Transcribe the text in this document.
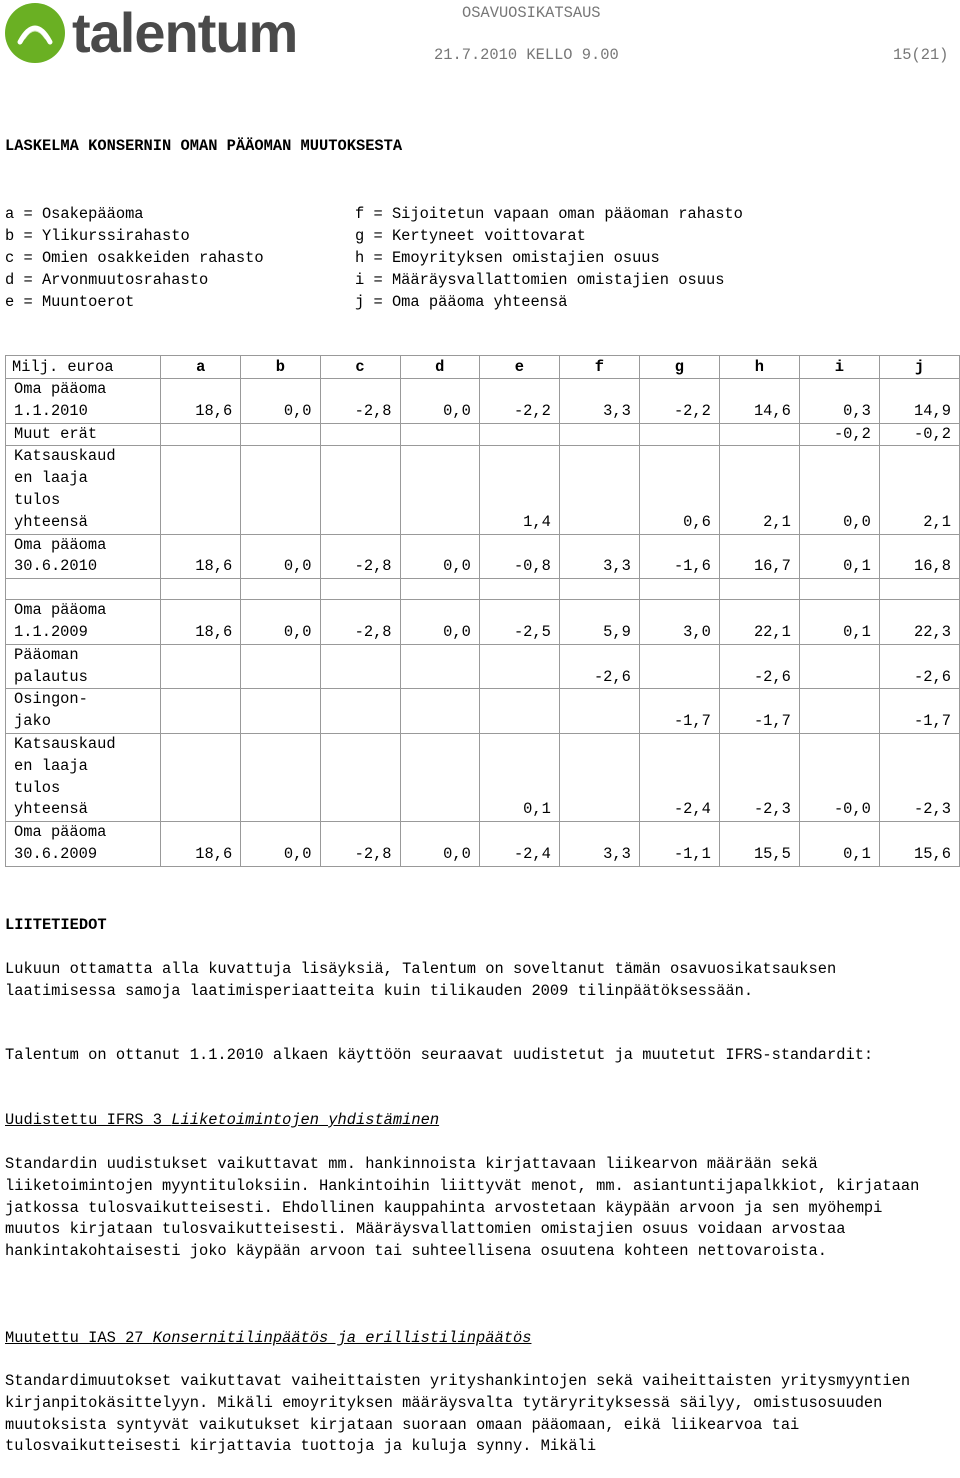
talentum	OSAVUOSIKATSAUS
21.7.2010 KELLO 9.00	15(21)
LASKELMA KONSERNIN OMAN PÄÄOMAN MUUTOKSESTA
a = Osakepääoma
b = Ylikurssirahasto
c = Omien osakkeiden rahasto
d = Arvonmuutosrahasto
e = Muuntoerot
f = Sijoitetun vapaan oman pääoman rahasto
g = Kertyneet voittovarat
h = Emoyrityksen omistajien osuus
i = Määräysvallattomien omistajien osuus
j = Oma pääoma yhteensä
Milj. euroa	a	b	c	d	e	f	g	h	i	j
Oma pääoma
1.1.2010	18,6	0,0	-2,8	0,0	-2,2	3,3	-2,2	14,6	0,3	14,9
Muut erät									-0,2	-0,2
Katsauskaud
en laaja
tulos
yhteensä					1,4		0,6	2,1	0,0	2,1
Oma pääoma
30.6.2010	18,6	0,0	-2,8	0,0	-0,8	3,3	-1,6	16,7	0,1	16,8

Oma pääoma
1.1.2009	18,6	0,0	-2,8	0,0	-2,5	5,9	3,0	22,1	0,1	22,3
Pääoman
palautus						-2,6		-2,6		-2,6
Osingon-
jako							-1,7	-1,7		-1,7
Katsauskaud
en laaja
tulos
yhteensä					0,1		-2,4	-2,3	-0,0	-2,3
Oma pääoma
30.6.2009	18,6	0,0	-2,8	0,0	-2,4	3,3	-1,1	15,5	0,1	15,6
LIITETIEDOT
Lukuun ottamatta alla kuvattuja lisäyksiä, Talentum on soveltanut tämän osavuosikatsauksen laatimisessa samoja laatimisperiaatteita kuin tilikauden 2009 tilinpäätöksessään.
Talentum on ottanut 1.1.2010 alkaen käyttöön seuraavat uudistetut ja muutetut IFRS-standardit:
Uudistettu IFRS 3 Liiketoimintojen yhdistäminen
Standardin uudistukset vaikuttavat mm. hankinnoista kirjattavaan liikearvon määrään sekä liiketoimintojen myyntituloksiin. Hankintoihin liittyvät menot, mm. asiantuntijapalkkiot, kirjataan jatkossa tulosvaikutteisesti. Ehdollinen kauppahinta arvostetaan käypään arvoon ja sen myöhempi muutos kirjataan tulosvaikutteisesti. Määräysvallattomien omistajien osuus voidaan arvostaa hankintakohtaisesti joko käypään arvoon tai suhteellisena osuutena kohteen nettovaroista.
Muutettu IAS 27 Konsernitilinpäätös ja erillistilinpäätös
Standardimuutokset vaikuttavat vaiheittaisten yrityshankintojen sekä vaiheittaisten yritysmyyntien kirjanpitokäsittelyyn. Mikäli emoyrityksen määräysvalta tytäryrityksessä säilyy, omistusosuuden muutoksista syntyvät vaikutukset kirjataan suoraan omaan pääomaan, eikä liikearvoa tai tulosvaikutteisesti kirjattavia tuottoja ja kuluja synny. Mikäli
